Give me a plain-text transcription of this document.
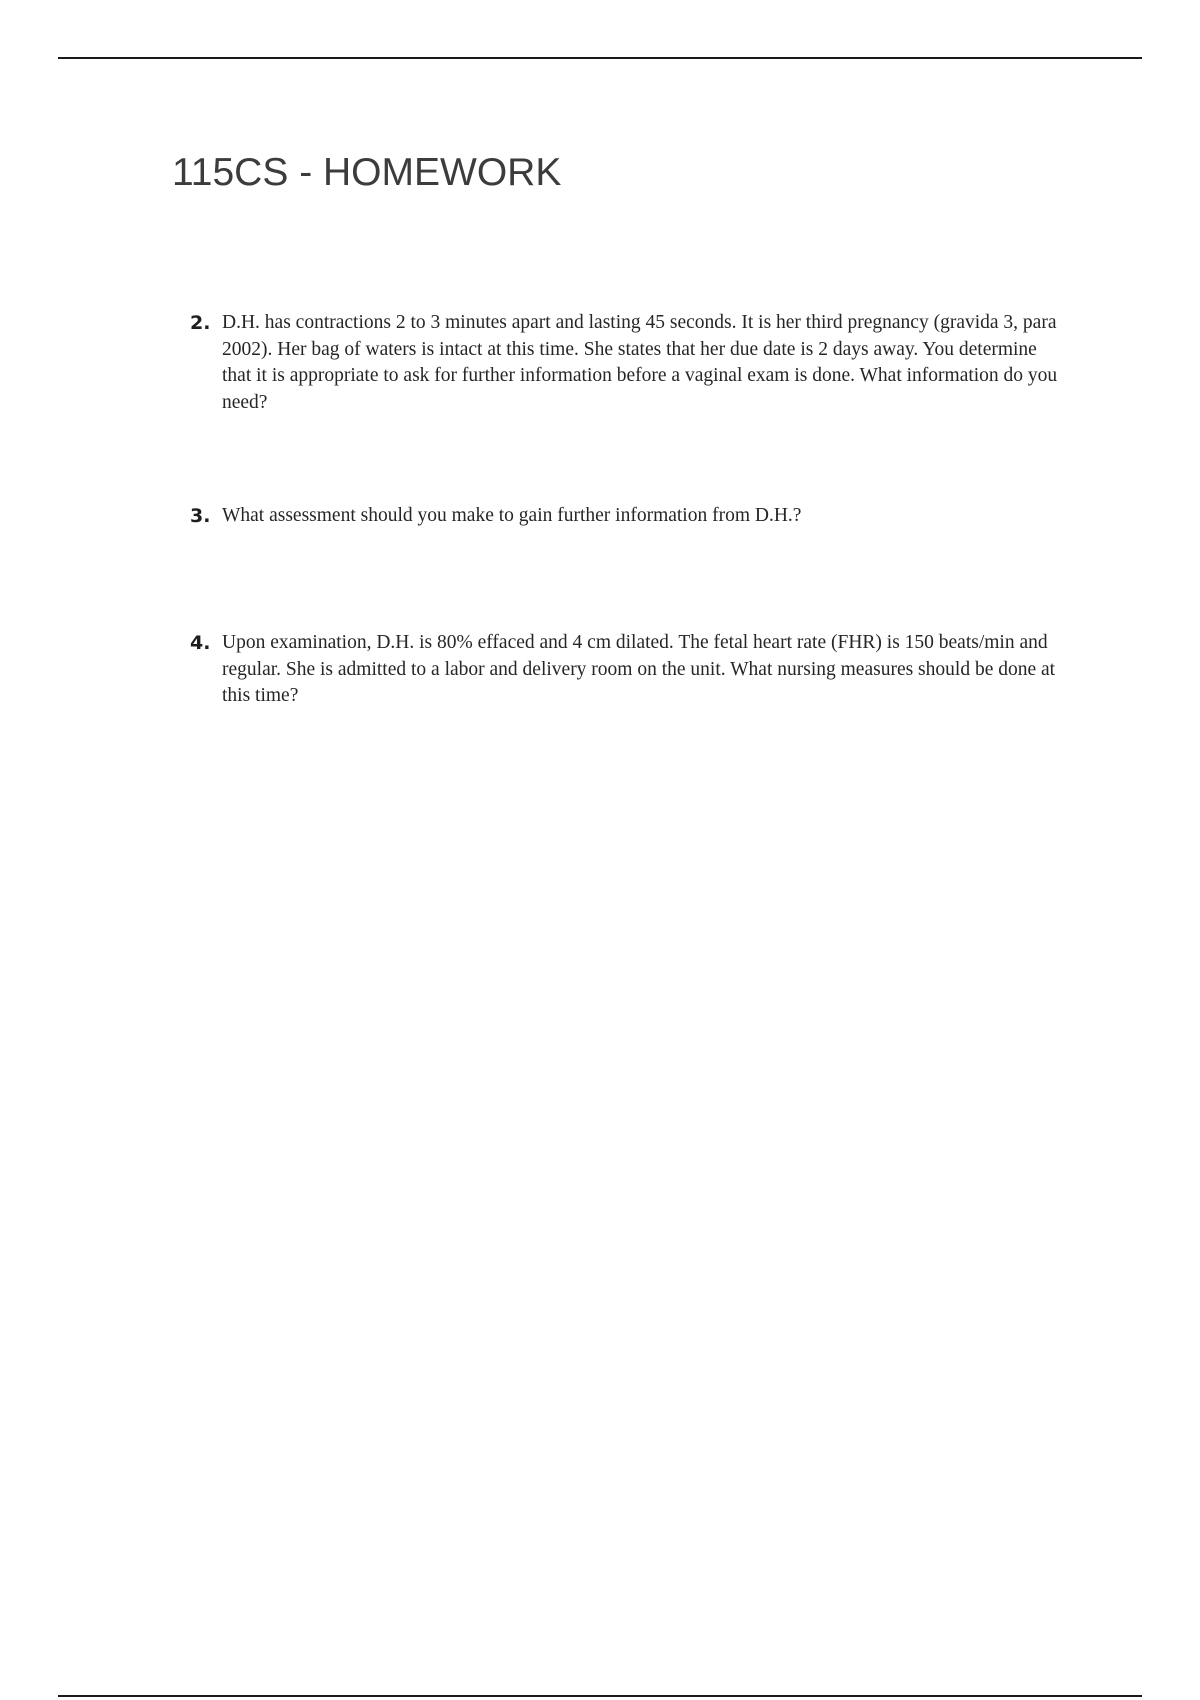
115CS - HOMEWORK
2. D.H. has contractions 2 to 3 minutes apart and lasting 45 seconds. It is her third pregnancy (gravida 3, para 2002). Her bag of waters is intact at this time. She states that her due date is 2 days away. You determine that it is appropriate to ask for further information before a vaginal exam is done. What information do you need?

3. What assessment should you make to gain further information from D.H.?

4. Upon examination, D.H. is 80% effaced and 4 cm dilated. The fetal heart rate (FHR) is 150 beats/min and regular. She is admitted to a labor and delivery room on the unit. What nursing measures should be done at this time?
